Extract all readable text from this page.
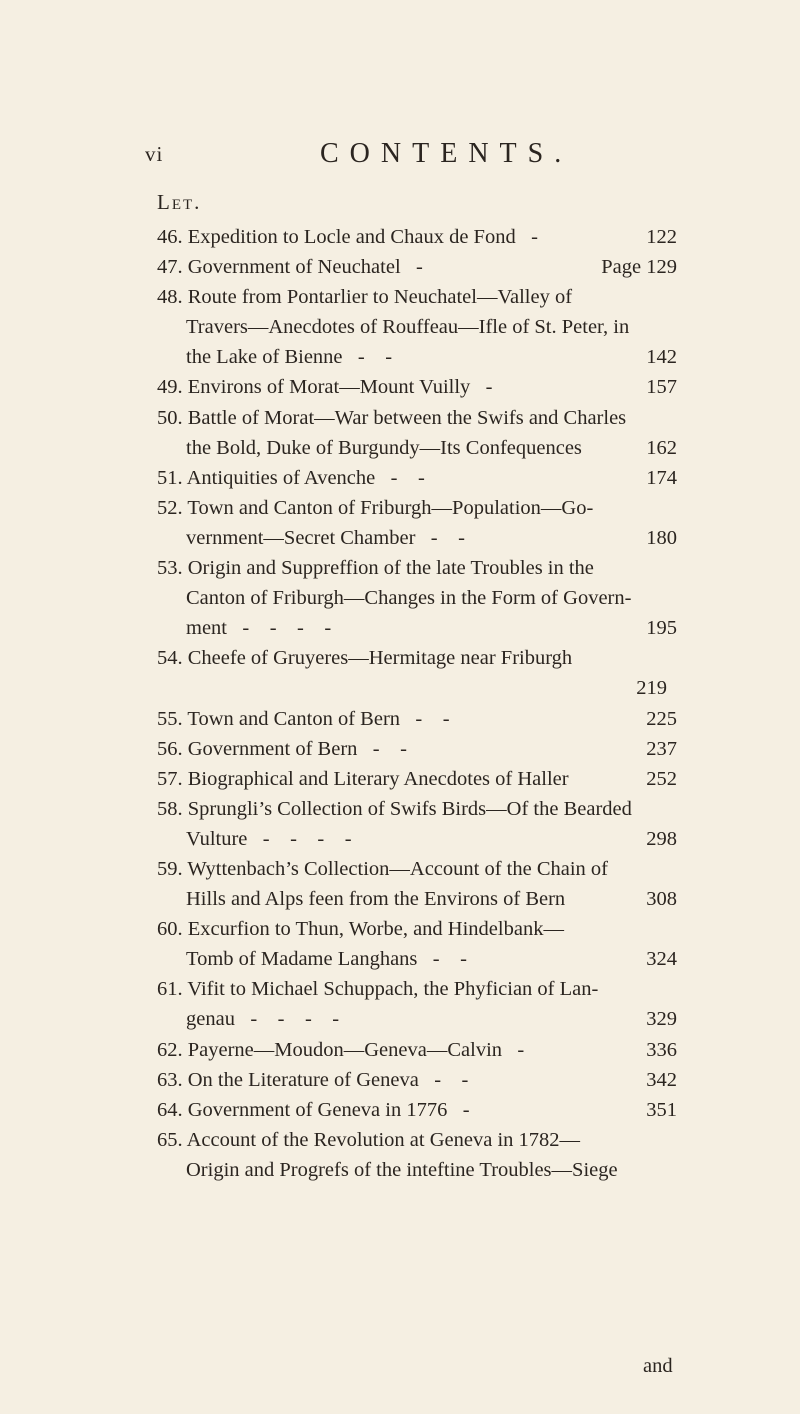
vi	CONTENTS.
Let.
46. Expedition to Locle and Chaux de Fond   -	122
47. Government of Neuchatel   -	Page 129
48. Route from Pontarlier to Neuchatel—Valley of
Travers—Anecdotes of Rouffeau—Ifle of St. Peter, in
the Lake of Bienne   -    -	142
49. Environs of Morat—Mount Vuilly   -	157
50. Battle of Morat—War between the Swifs and Charles
the Bold, Duke of Burgundy—Its Confequences	162
51. Antiquities of Avenche   -    -	174
52. Town and Canton of Friburgh—Population—Go-
vernment—Secret Chamber   -    -	180
53. Origin and Suppreffion of the late Troubles in the
Canton of Friburgh—Changes in the Form of Govern-
ment   -    -    -    -	195
54. Cheefe of Gruyeres—Hermitage near Friburgh
219
55. Town and Canton of Bern   -    -	225
56. Government of Bern   -    -	237
57. Biographical and Literary Anecdotes of Haller	252
58. Sprungli’s Collection of Swifs Birds—Of the Bearded
Vulture   -    -    -    -	298
59. Wyttenbach’s Collection—Account of the Chain of
Hills and Alps feen from the Environs of Bern	308
60. Excurfion to Thun, Worbe, and Hindelbank—
Tomb of Madame Langhans   -    -	324
61. Vifit to Michael Schuppach, the Phyfician of Lan-
genau   -    -    -    -	329
62. Payerne—Moudon—Geneva—Calvin   -	336
63. On the Literature of Geneva   -    -	342
64. Government of Geneva in 1776   -	351
65. Account of the Revolution at Geneva in 1782—
Origin and Progrefs of the inteftine Troubles—Siege
and
